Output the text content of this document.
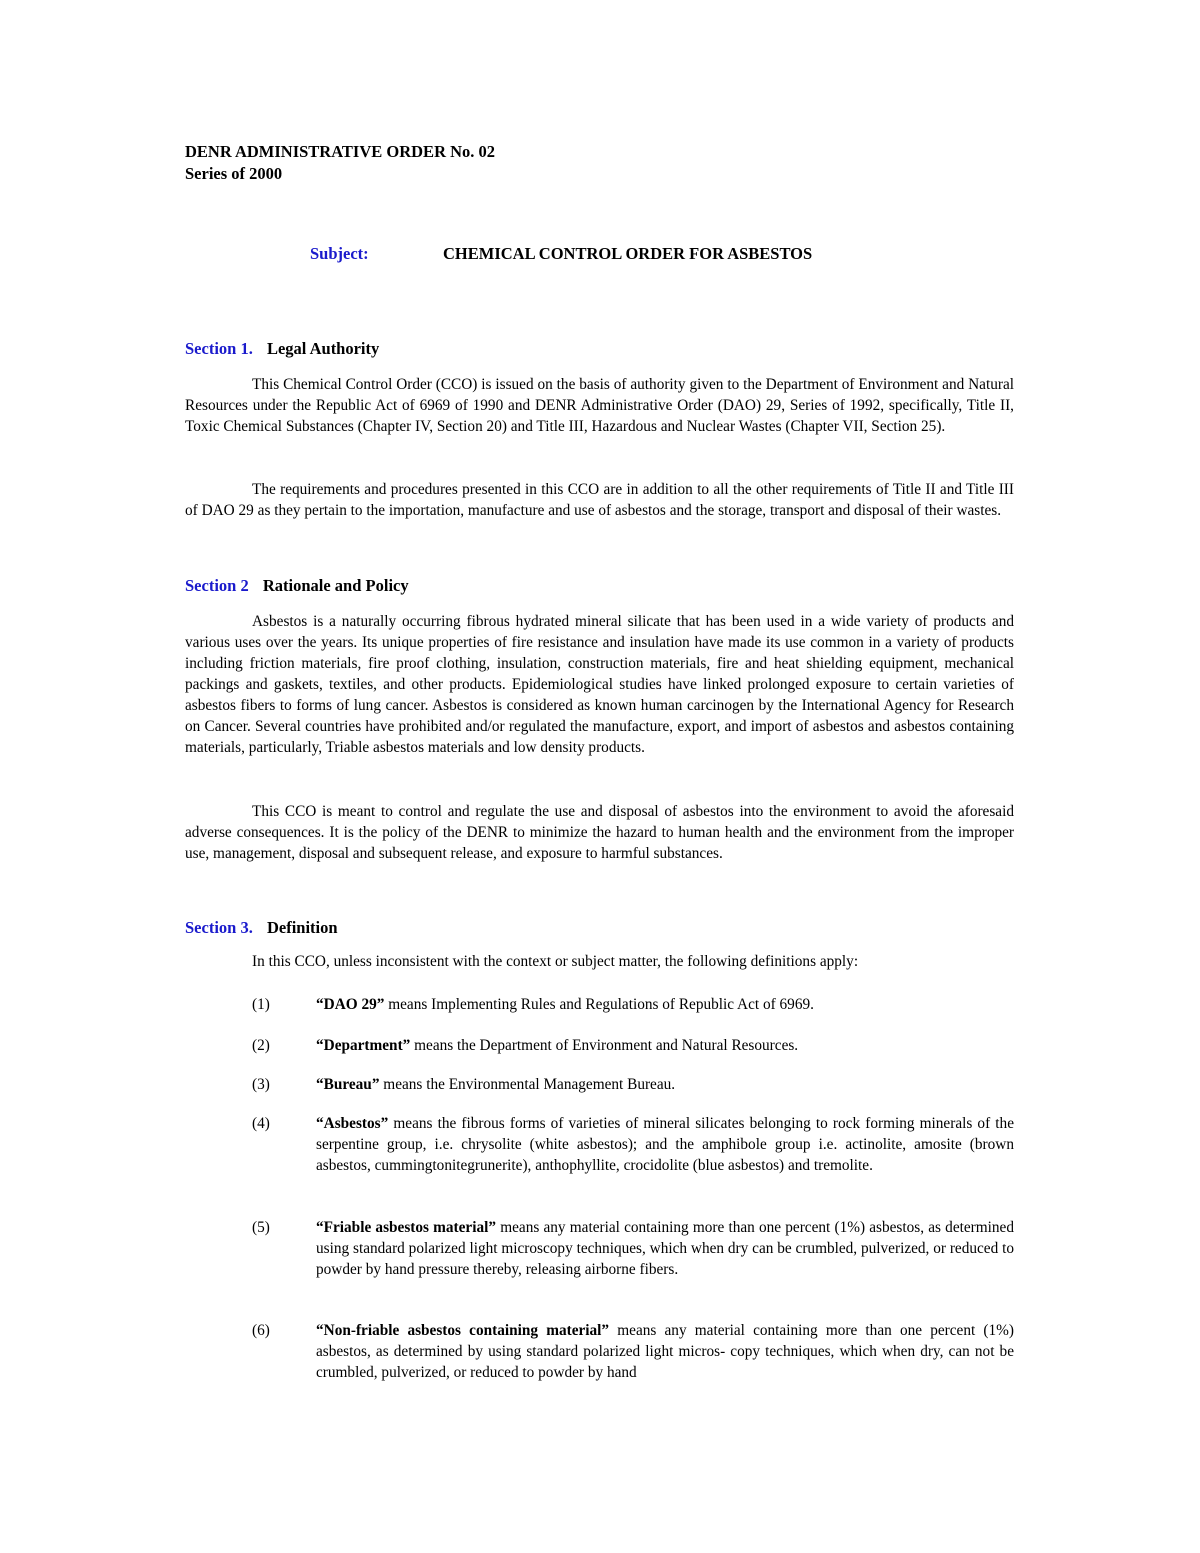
DENR ADMINISTRATIVE ORDER No. 02
Series of 2000
Subject:	CHEMICAL CONTROL ORDER FOR ASBESTOS
Section 1. Legal Authority
This Chemical Control Order (CCO) is issued on the basis of authority given to the Department of Environment and Natural Resources under the Republic Act of 6969 of 1990 and DENR Administrative Order (DAO) 29, Series of 1992, specifically, Title II, Toxic Chemical Substances (Chapter IV, Section 20) and Title III, Hazardous and Nuclear Wastes (Chapter VII, Section 25).
The requirements and procedures presented in this CCO are in addition to all the other requirements of Title II and Title III of DAO 29 as they pertain to the importation, manufacture and use of asbestos and the storage, transport and disposal of their wastes.
Section 2 Rationale and Policy
Asbestos is a naturally occurring fibrous hydrated mineral silicate that has been used in a wide variety of products and various uses over the years. Its unique properties of fire resistance and insulation have made its use common in a variety of products including friction materials, fire proof clothing, insulation, construction materials, fire and heat shielding equipment, mechanical packings and gaskets, textiles, and other products. Epidemiological studies have linked prolonged exposure to certain varieties of asbestos fibers to forms of lung cancer. Asbestos is considered as known human carcinogen by the International Agency for Research on Cancer. Several countries have prohibited and/or regulated the manufacture, export, and import of asbestos and asbestos containing materials, particularly, Triable asbestos materials and low density products.
This CCO is meant to control and regulate the use and disposal of asbestos into the environment to avoid the aforesaid adverse consequences. It is the policy of the DENR to minimize the hazard to human health and the environment from the improper use, management, disposal and subsequent release, and exposure to harmful substances.
Section 3. Definition
In this CCO, unless inconsistent with the context or subject matter, the following definitions apply:
(1)	“DAO 29” means Implementing Rules and Regulations of Republic Act of 6969.
(2)	“Department” means the Department of Environment and Natural Resources.
(3)	“Bureau” means the Environmental Management Bureau.
(4)	“Asbestos” means the fibrous forms of varieties of mineral silicates belonging to rock forming minerals of the serpentine group, i.e. chrysolite (white asbestos); and the amphibole group i.e. actinolite, amosite (brown asbestos, cummingtonitegrunerite), anthophyllite, crocidolite (blue asbestos) and tremolite.
(5)	“Friable asbestos material” means any material containing more than one percent (1%) asbestos, as determined using standard polarized light microscopy techniques, which when dry can be crumbled, pulverized, or reduced to powder by hand pressure thereby, releasing airborne fibers.
(6)	“Non-friable asbestos containing material” means any material containing more than one percent (1%) asbestos, as determined by using standard polarized light micros- copy techniques, which when dry, can not be crumbled, pulverized, or reduced to powder by hand
